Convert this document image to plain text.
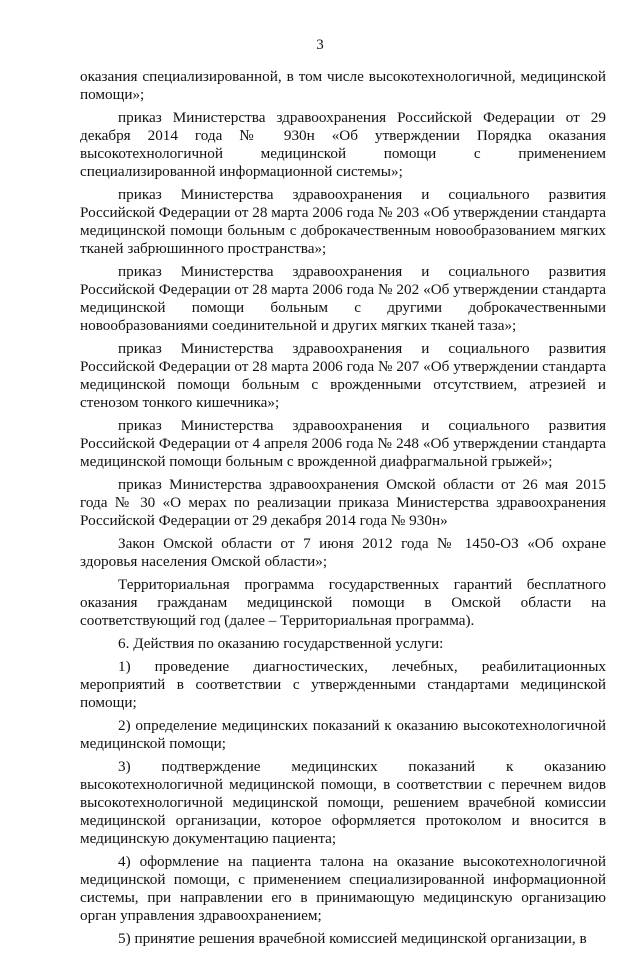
3

оказания специализированной, в том числе высокотехнологичной, медицинской помощи»;

приказ Министерства здравоохранения Российской Федерации от 29 декабря 2014 года № 930н «Об утверждении Порядка оказания высокотехнологичной медицинской помощи с применением специализированной информационной системы»;

приказ Министерства здравоохранения и социального развития Российской Федерации от 28 марта 2006 года № 203 «Об утверждении стандарта медицинской помощи больным с доброкачественным новообразованием мягких тканей забрюшинного пространства»;

приказ Министерства здравоохранения и социального развития Российской Федерации от 28 марта 2006 года № 202 «Об утверждении стандарта медицинской помощи больным с другими доброкачественными новообразованиями соединительной и других мягких тканей таза»;

приказ Министерства здравоохранения и социального развития Российской Федерации от 28 марта 2006 года № 207 «Об утверждении стандарта медицинской помощи больным с врожденными отсутствием, атрезией и стенозом тонкого кишечника»;

приказ Министерства здравоохранения и социального развития Российской Федерации от 4 апреля 2006 года № 248 «Об утверждении стандарта медицинской помощи больным с врожденной диафрагмальной грыжей»;

приказ Министерства здравоохранения Омской области от 26 мая 2015 года № 30 «О мерах по реализации приказа Министерства здравоохранения Российской Федерации от 29 декабря 2014 года № 930н»

Закон Омской области от 7 июня 2012 года № 1450-ОЗ «Об охране здоровья населения Омской области»;

Территориальная программа государственных гарантий бесплатного оказания гражданам медицинской помощи в Омской области на соответствующий год (далее – Территориальная программа).

6. Действия по оказанию государственной услуги:

1) проведение диагностических, лечебных, реабилитационных мероприятий в соответствии с утвержденными стандартами медицинской помощи;

2) определение медицинских показаний к оказанию высокотехнологичной медицинской помощи;

3) подтверждение медицинских показаний к оказанию высокотехнологичной медицинской помощи, в соответствии с перечнем видов высокотехнологичной медицинской помощи, решением врачебной комиссии медицинской организации, которое оформляется протоколом и вносится в медицинскую документацию пациента;

4) оформление на пациента талона на оказание высокотехнологичной медицинской помощи, с применением специализированной информационной системы, при направлении его в принимающую медицинскую организацию орган управления здравоохранением;

5) принятие решения врачебной комиссией медицинской организации, в
